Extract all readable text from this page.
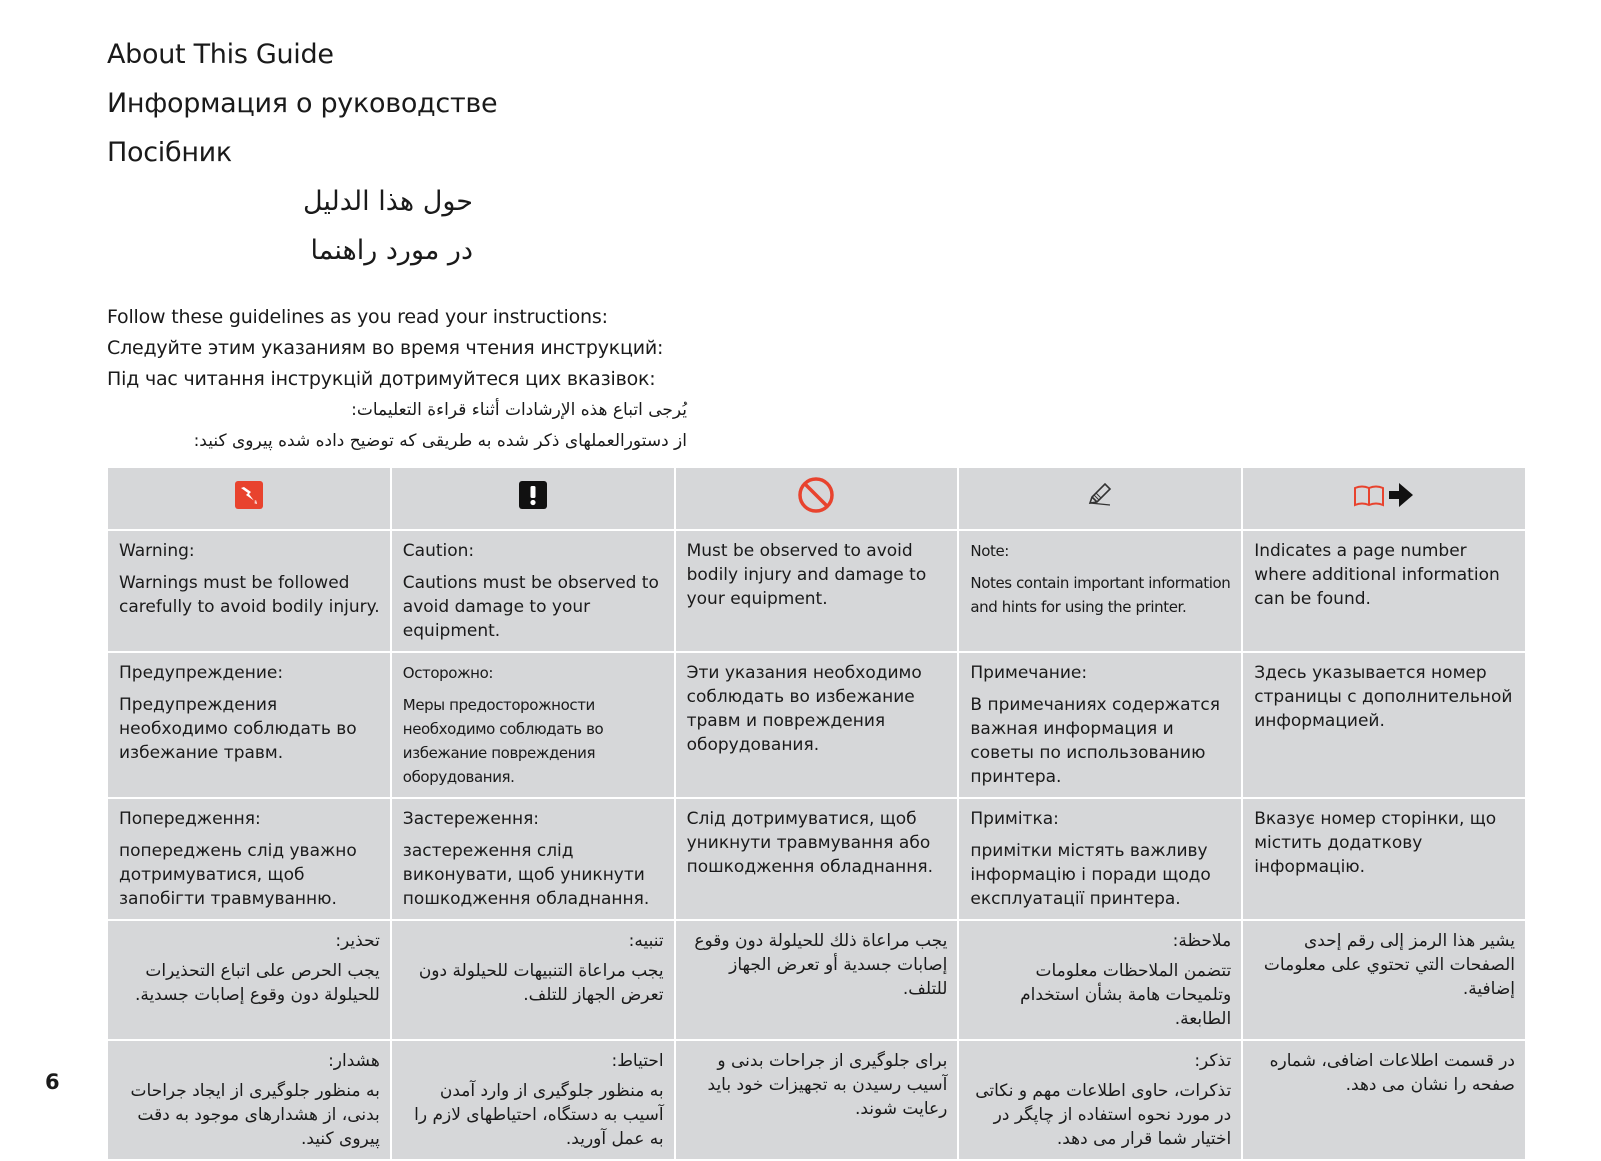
About This Guide
Информация о руководстве
Посібник
حول هذا الدليل
در مورد راهنما

Follow these guidelines as you read your instructions:

Следуйте этим указаниям во время чтения инструкций:

Під час читання інструкцій дотримуйтеся цих вказівок:

يُرجى اتباع هذه الإرشادات أثناء قراءة التعليمات:

از دستورالعملهای ذکر شده به طریقی که توضیح داده شده پیروی کنید:

Warning:
Warnings must be followed carefully to avoid bodily injury.	Caution:
Cautions must be observed to avoid damage to your equipment.	Must be observed to avoid bodily injury and damage to your equipment.	Note:
Notes contain important information and hints for using the printer.	Indicates a page number where additional information can be found.

Предупреждение:
Предупреждения необходимо соблюдать во избежание травм.	Осторожно:
Меры предосторожности необходимо соблюдать во избежание повреждения оборудования.	Эти указания необходимо соблюдать во избежание травм и повреждения оборудования.	Примечание:
В примечаниях содержатся важная информация и советы по использованию принтера.	Здесь указывается номер страницы с дополнительной информацией.

Попередження:
попереджень слід уважно дотримуватися, щоб запобігти травмуванню.	Застереження:
застереження слід виконувати, щоб уникнути пошкодження обладнання.	Слід дотримуватися, щоб уникнути травмування або пошкодження обладнання.	Примітка:
примітки містять важливу інформацію і поради щодо експлуатації принтера.	Вказує номер сторінки, що містить додаткову інформацію.

تحذير:
يجب الحرص على اتباع التحذيرات للحيلولة دون وقوع إصابات جسدية.	تنبيه:
يجب مراعاة التنبيهات للحيلولة دون تعرض الجهاز للتلف.	يجب مراعاة ذلك للحيلولة دون وقوع إصابات جسدية أو تعرض الجهاز للتلف.	ملاحظة:
تتضمن الملاحظات معلومات وتلميحات هامة بشأن استخدام الطابعة.	يشير هذا الرمز إلى رقم إحدى الصفحات التي تحتوي على معلومات إضافية.

هشدار:
به منظور جلوگیری از ایجاد جراحات بدنی، از هشدارهای موجود به دقت پیروی کنید.	احتیاط:
به منظور جلوگیری از وارد آمدن آسیب به دستگاه، احتیاطهای لازم را به عمل آورید.	برای جلوگیری از جراحات بدنی و آسیب رسیدن به تجهیزات خود باید رعایت شوند.	تذکر:
تذکرات، حاوی اطلاعات مهم و نکاتی در مورد نحوه استفاده از چاپگر در اختیار شما قرار می دهد.	در قسمت اطلاعات اضافی، شماره صفحه را نشان می دهد.
6
